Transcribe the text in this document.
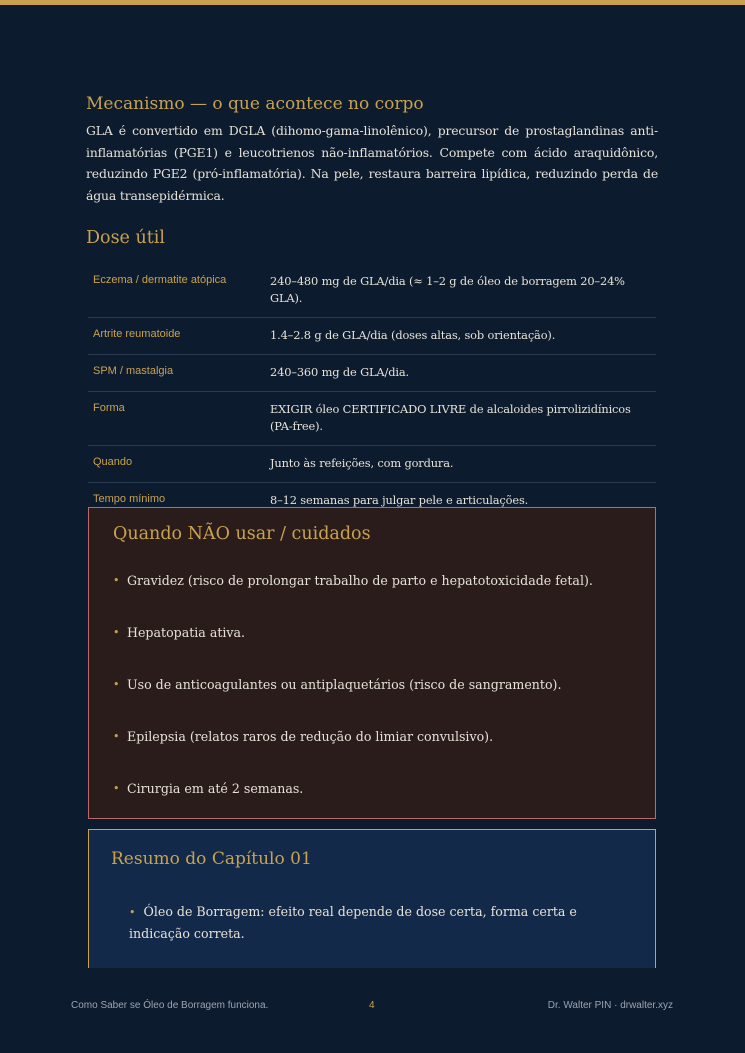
Mecanismo — o que acontece no corpo

GLA é convertido em DGLA (dihomo-gama-linolênico), precursor de prostaglandinas anti-inflamatórias (PGE1) e leucotrienos não-inflamatórios. Compete com ácido araquidônico, reduzindo PGE2 (pró-inflamatória). Na pele, restaura barreira lipídica, reduzindo perda de água transepidérmica.

Dose útil
Eczema / dermatite atópica	240–480 mg de GLA/dia (≈ 1–2 g de óleo de borragem 20–24% GLA).
Artrite reumatoide	1.4–2.8 g de GLA/dia (doses altas, sob orientação).
SPM / mastalgia	240–360 mg de GLA/dia.
Forma	EXIGIR óleo CERTIFICADO LIVRE de alcaloides pirrolizidínicos (PA-free).
Quando	Junto às refeições, com gordura.
Tempo mínimo	8–12 semanas para julgar pele e articulações.
Quando NÃO usar / cuidados
• Gravidez (risco de prolongar trabalho de parto e hepatotoxicidade fetal).
• Hepatopatia ativa.
• Uso de anticoagulantes ou antiplaquetários (risco de sangramento).
• Epilepsia (relatos raros de redução do limiar convulsivo).
• Cirurgia em até 2 semanas.
Resumo do Capítulo 01

• Óleo de Borragem: efeito real depende de dose certa, forma certa e indicação correta.

Como Saber se Óleo de Borragem funciona.	4	Dr. Walter PIN · drwalter.xyz
